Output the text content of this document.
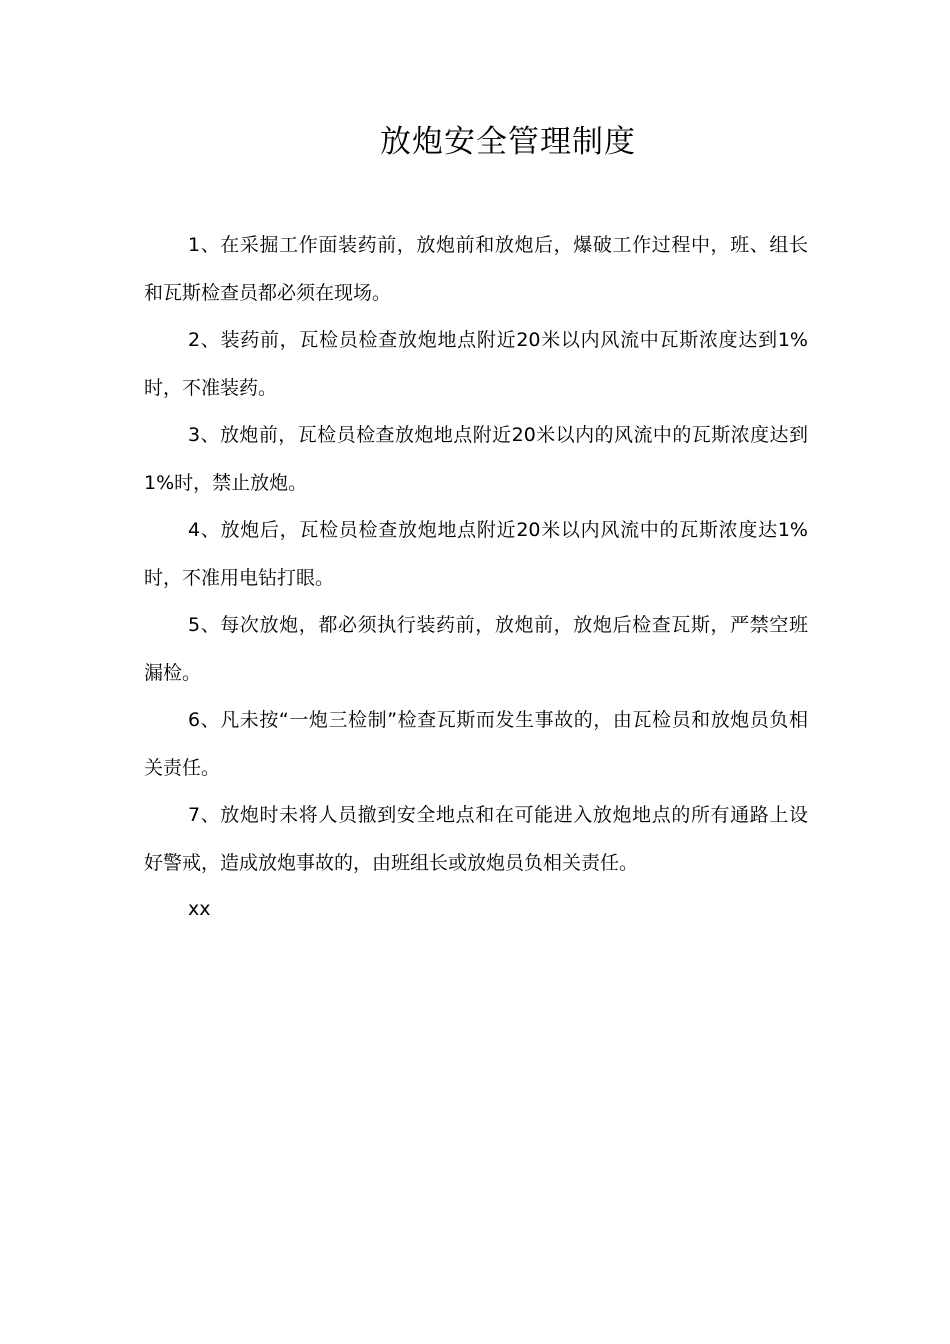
放炮安全管理制度

1、在采掘工作面装药前，放炮前和放炮后，爆破工作过程中，班、组长和瓦斯检查员都必须在现场。

2、装药前，瓦检员检查放炮地点附近20米以内风流中瓦斯浓度达到1%时，不准装药。

3、放炮前，瓦检员检查放炮地点附近20米以内的风流中的瓦斯浓度达到1%时，禁止放炮。

4、放炮后，瓦检员检查放炮地点附近20米以内风流中的瓦斯浓度达1%时，不准用电钻打眼。

5、每次放炮，都必须执行装药前，放炮前，放炮后检查瓦斯，严禁空班漏检。

6、凡未按“一炮三检制”检查瓦斯而发生事故的，由瓦检员和放炮员负相关责任。

7、放炮时未将人员撤到安全地点和在可能进入放炮地点的所有通路上设好警戒，造成放炮事故的，由班组长或放炮员负相关责任。

xx
